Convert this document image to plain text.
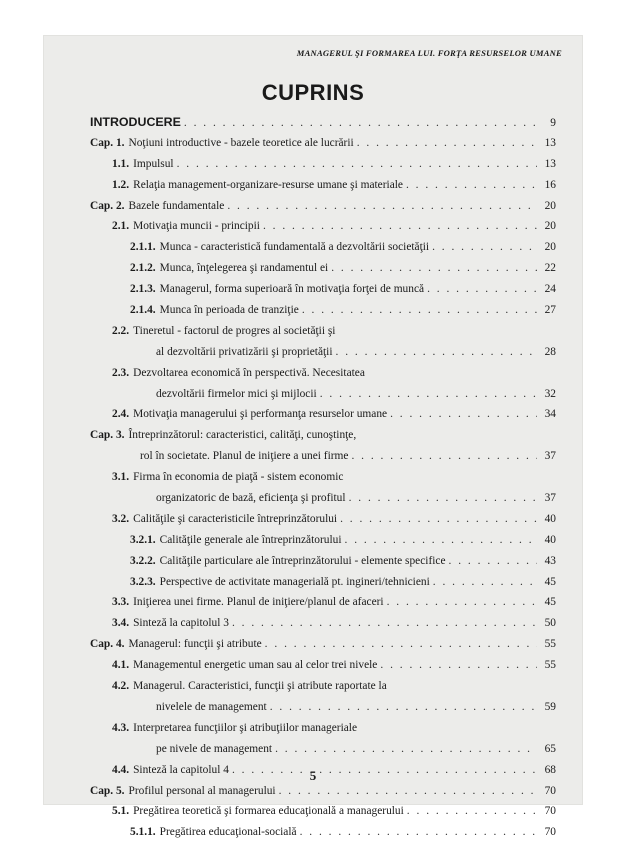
MANAGERUL ŞI FORMAREA LUI. FORŢA RESURSELOR UMANE
CUPRINS
INTRODUCERE . . .	9
Cap. 1. Noţiuni introductive - bazele teoretice ale lucrării . . .	13
1.1. Impulsul . . .	13
1.2. Relaţia management-organizare-resurse umane şi materiale . . .	16
Cap. 2. Bazele fundamentale . . .	20
2.1. Motivaţia muncii - principii . . .	20
2.1.1. Munca - caracteristică fundamentală a dezvoltării societăţii . . .	20
2.1.2. Munca, înţelegerea şi randamentul ei . . .	22
2.1.3. Managerul, forma superioară în motivaţia forţei de muncă . . .	24
2.1.4. Munca în perioada de tranziţie . . .	27
2.2. Tineretul - factorul de progres al societăţii şi
al dezvoltării privatizării şi proprietăţii . . .	28
2.3. Dezvoltarea economică în perspectivă. Necesitatea
dezvoltării firmelor mici şi mijlocii . . .	32
2.4. Motivaţia managerului şi performanţa resurselor umane . . .	34
Cap. 3. Întreprinzătorul: caracteristici, calităţi, cunoştinţe,
rol în societate. Planul de iniţiere a unei firme . . .	37
3.1. Firma în economia de piaţă - sistem economic
organizatoric de bază, eficienţa şi profitul . . .	37
3.2. Calităţile şi caracteristicile întreprinzătorului . . .	40
3.2.1. Calităţile generale ale întreprinzătorului . . .	40
3.2.2. Calităţile particulare ale întreprinzătorului - elemente specifice . . .	43
3.2.3. Perspective de activitate managerială pt. ingineri/tehnicieni . . .	45
3.3. Iniţierea unei firme. Planul de iniţiere/planul de afaceri . . .	45
3.4. Sinteză la capitolul 3 . . .	50
Cap. 4. Managerul: funcţii şi atribute . . .	55
4.1. Managementul energetic uman sau al celor trei nivele . . .	55
4.2. Managerul. Caracteristici, funcţii şi atribute raportate la
nivelele de management . . .	59
4.3. Interpretarea funcţiilor şi atribuţiilor manageriale
pe nivele de management . . .	65
4.4. Sinteză la capitolul 4 . . .	68
Cap. 5. Profilul personal al managerului . . .	70
5.1. Pregătirea teoretică şi formarea educaţională a managerului . . .	70
5.1.1. Pregătirea educaţional-socială . . .	70
5
